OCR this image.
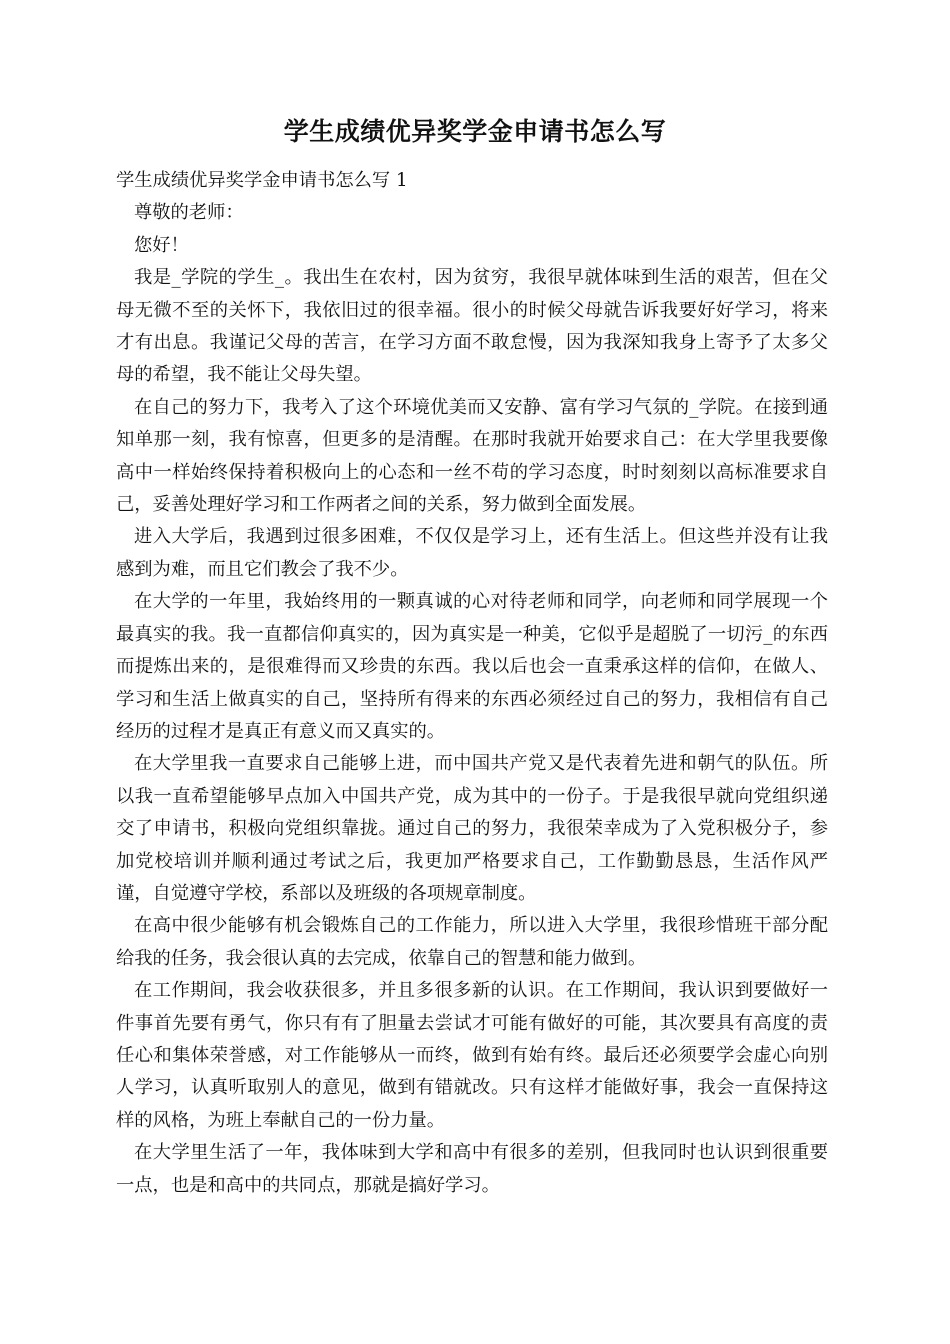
学生成绩优异奖学金申请书怎么写

学生成绩优异奖学金申请书怎么写 1

尊敬的老师：

您好！

我是_学院的学生_。我出生在农村，因为贫穷，我很早就体味到生活的艰苦，但在父母无微不至的关怀下，我依旧过的很幸福。很小的时候父母就告诉我要好好学习，将来才有出息。我谨记父母的苦言，在学习方面不敢怠慢，因为我深知我身上寄予了太多父母的希望，我不能让父母失望。

在自己的努力下，我考入了这个环境优美而又安静、富有学习气氛的_学院。在接到通知单那一刻，我有惊喜，但更多的是清醒。在那时我就开始要求自己：在大学里我要像高中一样始终保持着积极向上的心态和一丝不苟的学习态度，时时刻刻以高标准要求自己，妥善处理好学习和工作两者之间的关系，努力做到全面发展。

进入大学后，我遇到过很多困难，不仅仅是学习上，还有生活上。但这些并没有让我感到为难，而且它们教会了我不少。

在大学的一年里，我始终用的一颗真诚的心对待老师和同学，向老师和同学展现一个最真实的我。我一直都信仰真实的，因为真实是一种美，它似乎是超脱了一切污_的东西而提炼出来的，是很难得而又珍贵的东西。我以后也会一直秉承这样的信仰，在做人、学习和生活上做真实的自己，坚持所有得来的东西必须经过自己的努力，我相信有自己经历的过程才是真正有意义而又真实的。

在大学里我一直要求自己能够上进，而中国共产党又是代表着先进和朝气的队伍。所以我一直希望能够早点加入中国共产党，成为其中的一份子。于是我很早就向党组织递交了申请书，积极向党组织靠拢。通过自己的努力，我很荣幸成为了入党积极分子，参加党校培训并顺利通过考试之后，我更加严格要求自己，工作勤勤恳恳，生活作风严谨，自觉遵守学校，系部以及班级的各项规章制度。

在高中很少能够有机会锻炼自己的工作能力，所以进入大学里，我很珍惜班干部分配给我的任务，我会很认真的去完成，依靠自己的智慧和能力做到。

在工作期间，我会收获很多，并且多很多新的认识。在工作期间，我认识到要做好一件事首先要有勇气，你只有有了胆量去尝试才可能有做好的可能，其次要具有高度的责任心和集体荣誉感，对工作能够从一而终，做到有始有终。最后还必须要学会虚心向别人学习，认真听取别人的意见，做到有错就改。只有这样才能做好事，我会一直保持这样的风格，为班上奉献自己的一份力量。

在大学里生活了一年，我体味到大学和高中有很多的差别，但我同时也认识到很重要一点，也是和高中的共同点，那就是搞好学习。
